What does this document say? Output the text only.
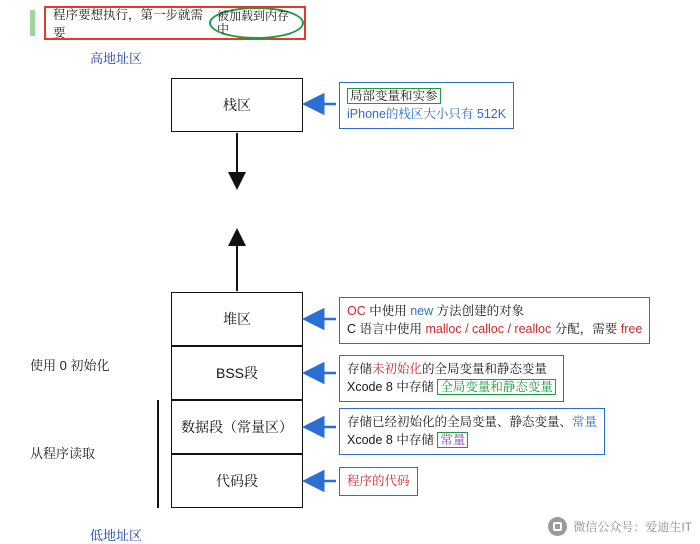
程序要想执行，第一步就需要
被加载到内存中
高地址区
低地址区
使用 0 初始化
从程序读取
栈区
堆区
BSS段
数据段（常量区）
代码段
局部变量和实参
iPhone的栈区大小只有 512K
OC 中使用 new 方法创建的对象
C 语言中使用 malloc / calloc / realloc 分配，需要 free
存储未初始化的全局变量和静态变量
Xcode 8 中存储 全局变量和静态变量
存储已经初始化的全局变量、静态变量、常量
Xcode 8 中存储 常量
程序的代码
微信公众号：爱迪生IT
